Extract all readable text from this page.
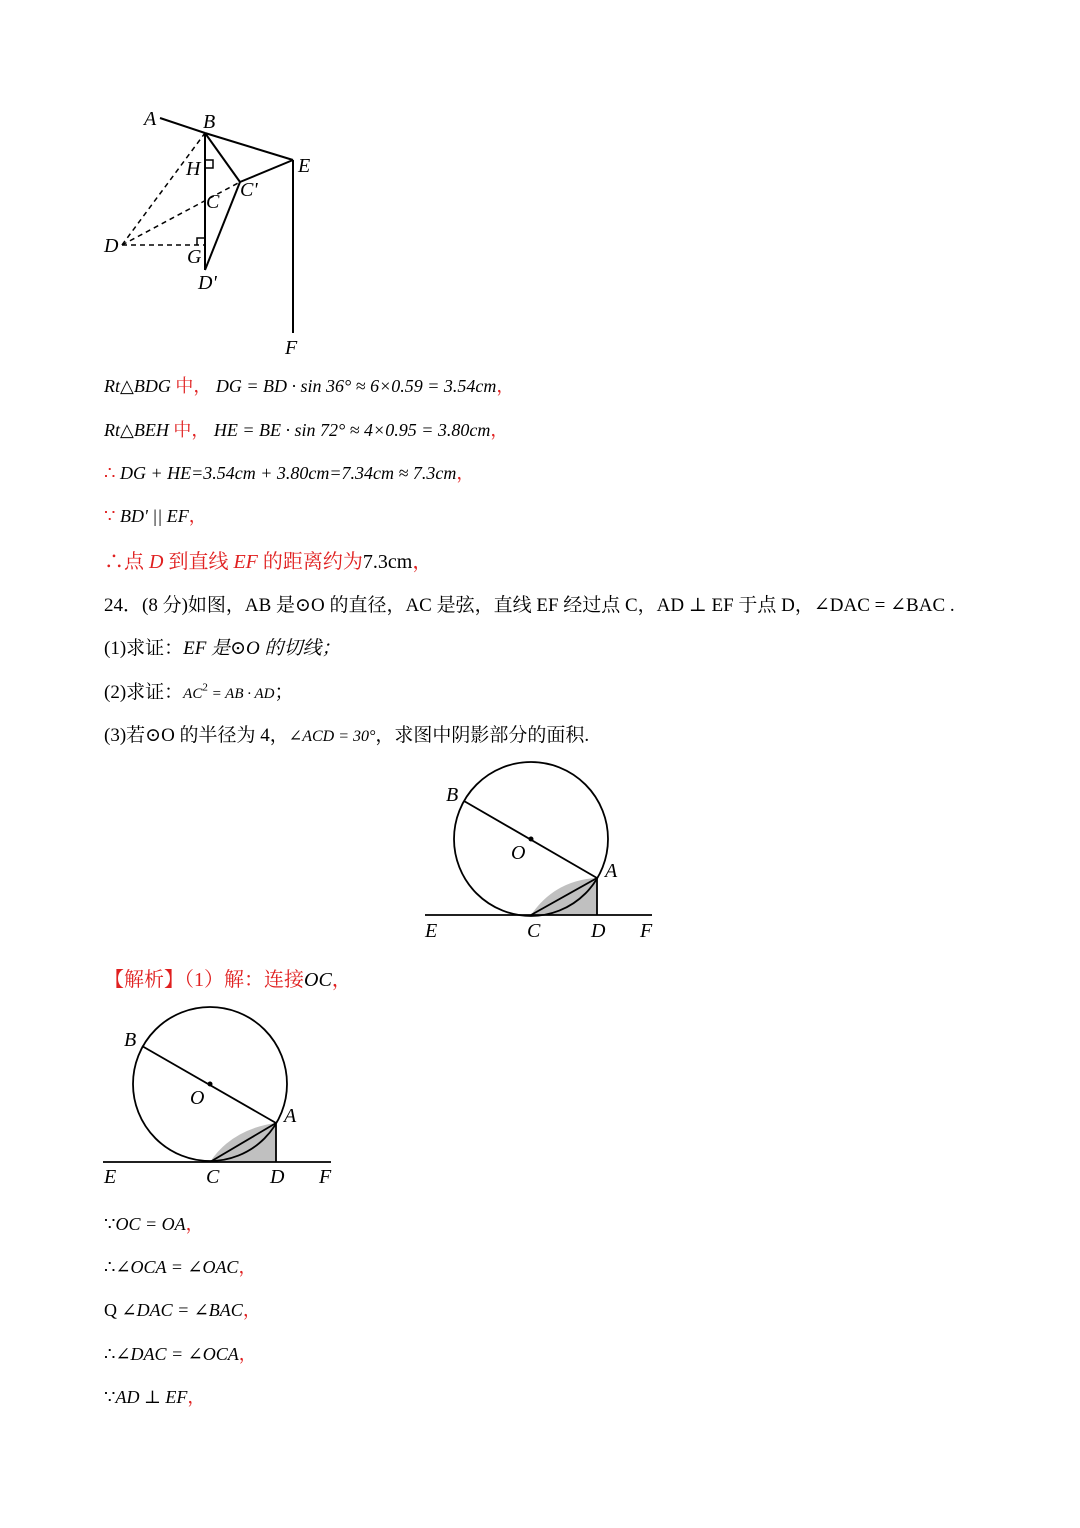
A B
H
C
C'
E
D	G
D'
F
Rt△BDG 中， DG = BD · sin 36° ≈ 6×0.59 = 3.54cm，
Rt△BEH 中， HE = BE · sin 72° ≈ 4×0.95 = 3.80cm，
∴ DG + HE=3.54cm + 3.80cm=7.34cm ≈ 7.3cm，
∵ BD' || EF，
∴点 D 到直线 EF 的距离约为7.3cm，
24．(8 分)如图，AB 是⊙O 的直径，AC 是弦，直线 EF 经过点 C，AD ⊥ EF 于点 D，∠DAC = ∠BAC .
(1)求证：EF 是⊙O 的切线；
(2)求证：$AC^2$ = AB · AD；
(3)若⊙O 的半径为 4，∠ACD = 30°，求图中阴影部分的面积.
B
O
A
E	C	D F
【解析】（1）解：连接OC，
B
O
A
E	C	D F
∵OC = OA，
∴∠OCA = ∠OAC，
Q ∠DAC = ∠BAC，
∴∠DAC = ∠OCA，
∵AD ⊥ EF，
